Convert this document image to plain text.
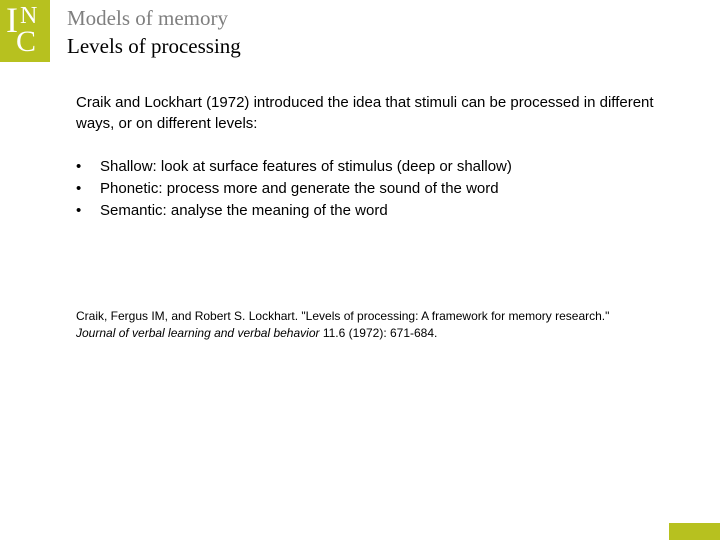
I N
C
Models of memory
Levels of processing
Craik and Lockhart (1972) introduced the idea that stimuli can be processed in different ways, or on different levels:
• Shallow: look at surface features of stimulus (deep or shallow)
• Phonetic: process more and generate the sound of the word
• Semantic: analyse the meaning of the word
Craik, Fergus IM, and Robert S. Lockhart. "Levels of processing: A framework for memory research." Journal of verbal learning and verbal behavior 11.6 (1972): 671-684.
